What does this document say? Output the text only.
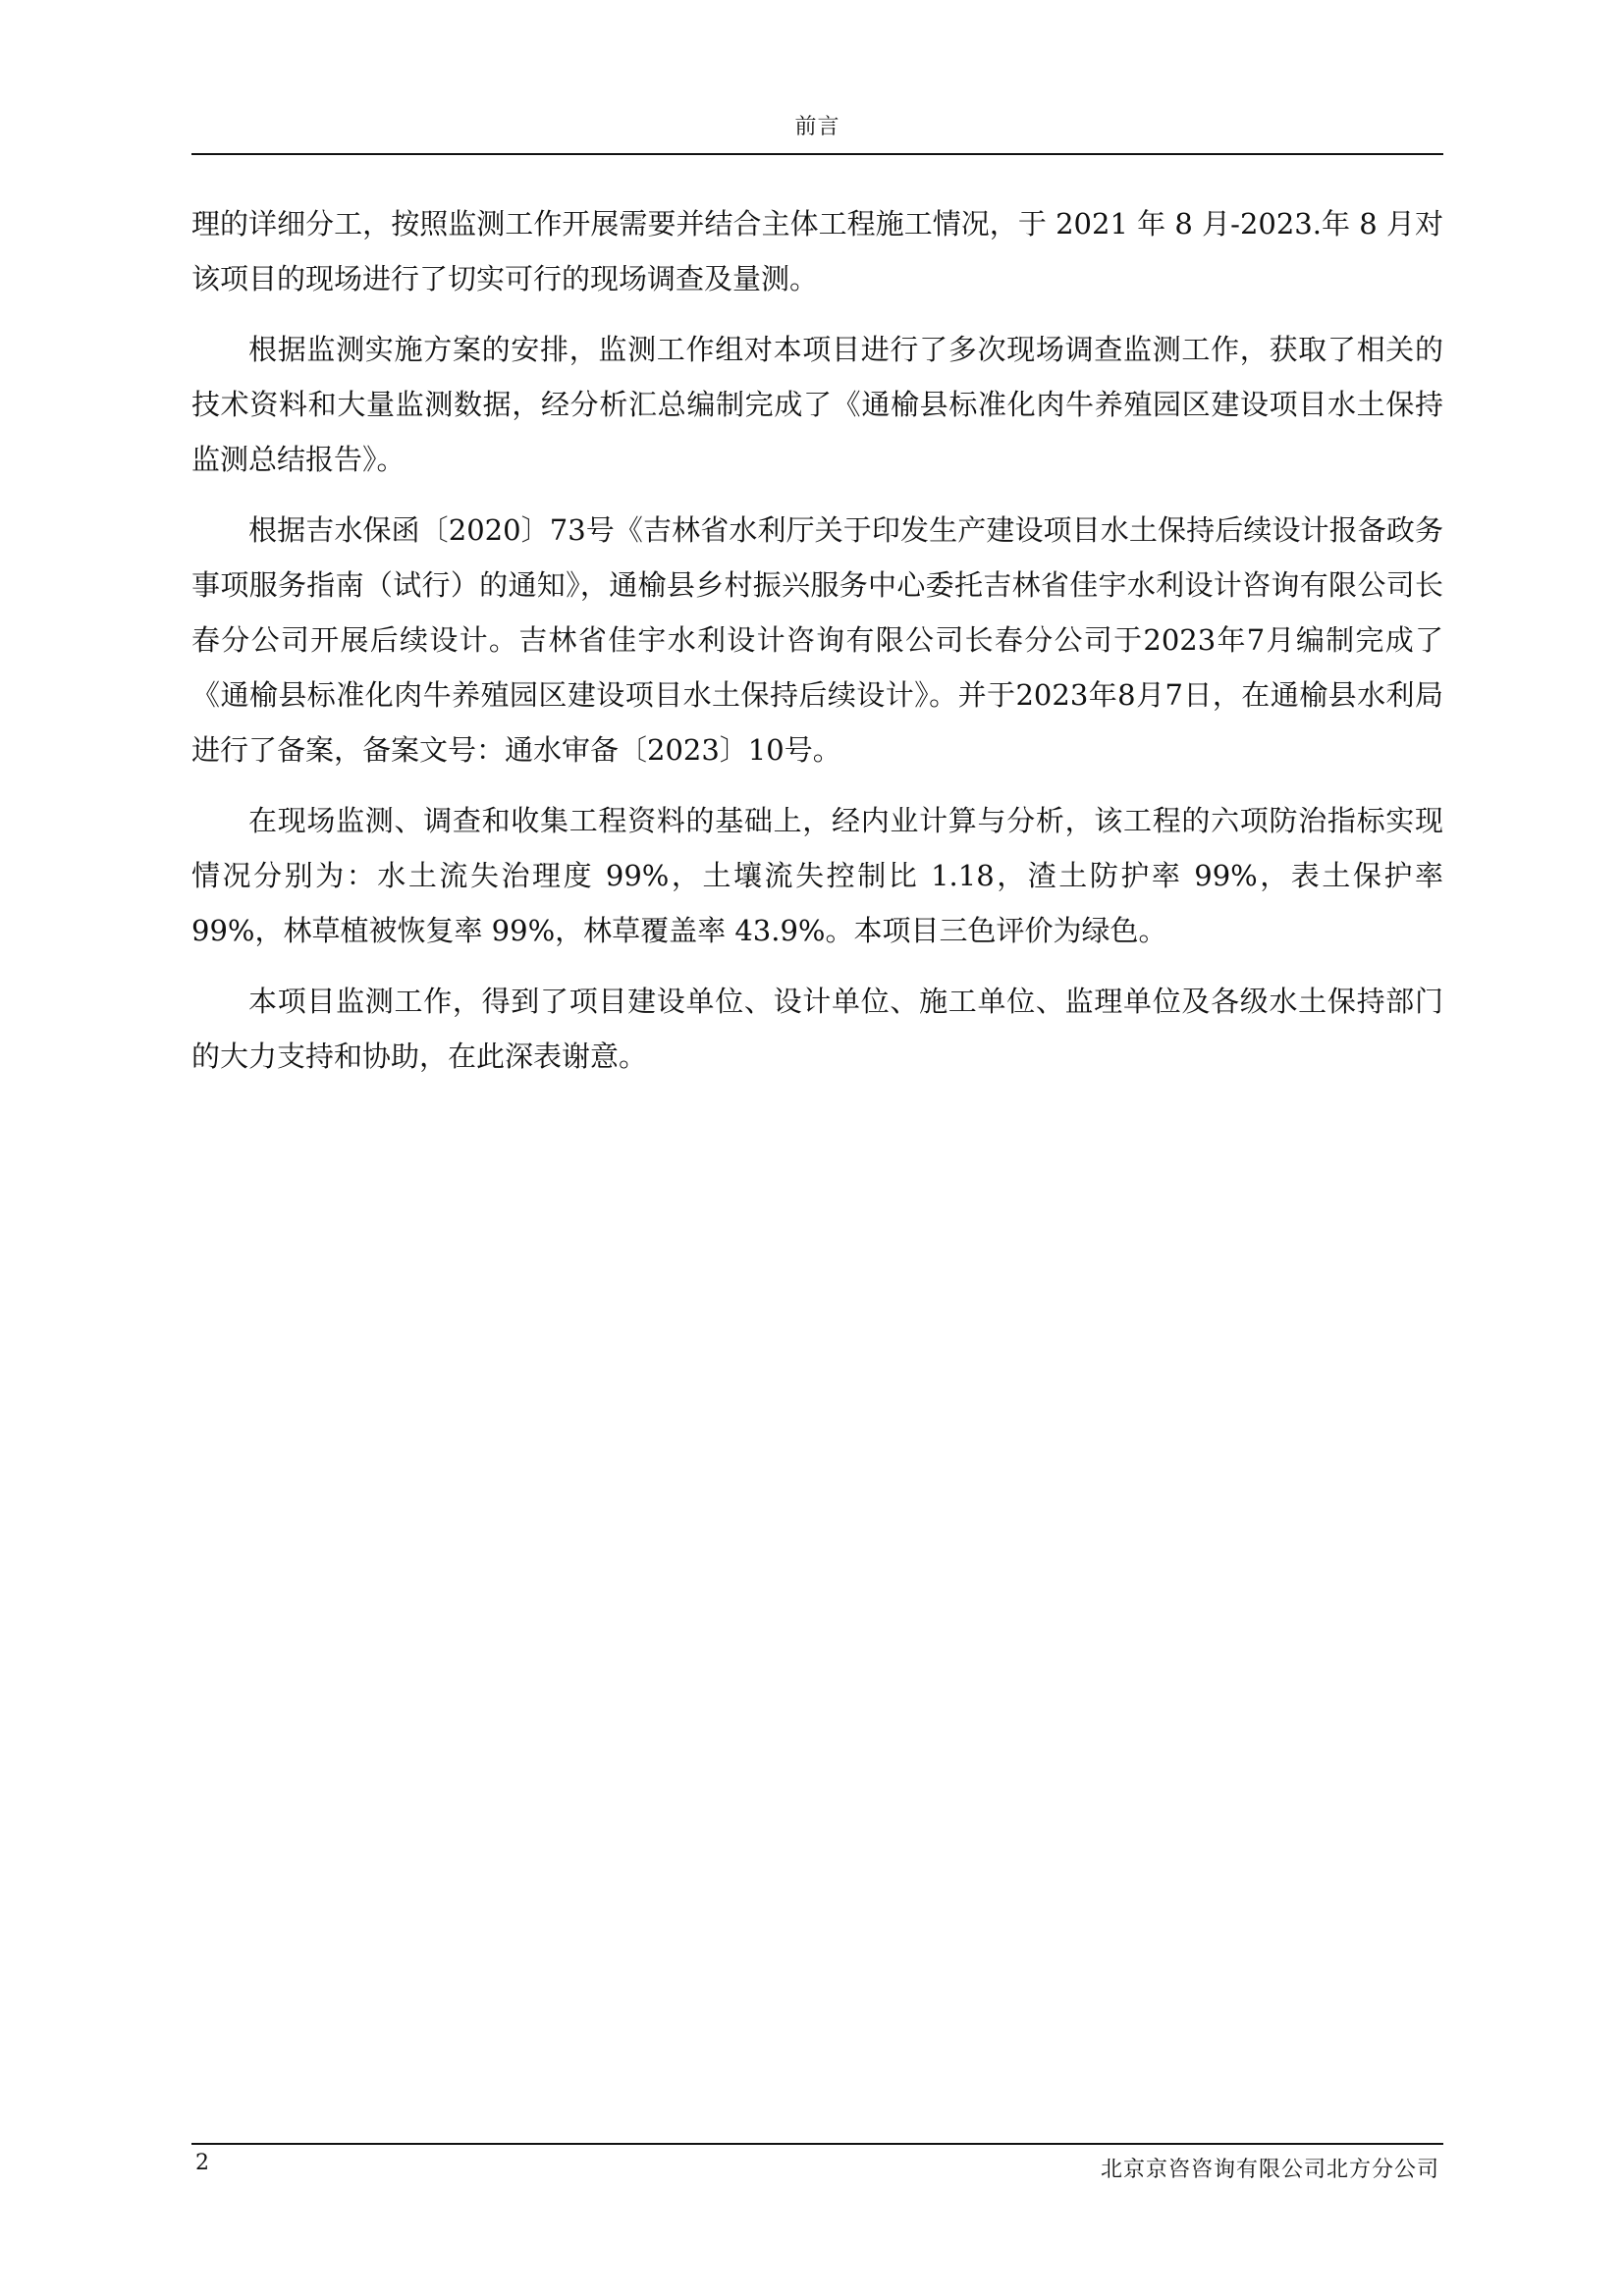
前言

理的详细分工，按照监测工作开展需要并结合主体工程施工情况，于 2021 年 8 月-2023.年 8 月对该项目的现场进行了切实可行的现场调查及量测。

根据监测实施方案的安排，监测工作组对本项目进行了多次现场调查监测工作，获取了相关的技术资料和大量监测数据，经分析汇总编制完成了《通榆县标准化肉牛养殖园区建设项目水土保持监测总结报告》。

根据吉水保函〔2020〕73号《吉林省水利厅关于印发生产建设项目水土保持后续设计报备政务事项服务指南（试行）的通知》，通榆县乡村振兴服务中心委托吉林省佳宇水利设计咨询有限公司长春分公司开展后续设计。吉林省佳宇水利设计咨询有限公司长春分公司于2023年7月编制完成了《通榆县标准化肉牛养殖园区建设项目水土保持后续设计》。并于2023年8月7日，在通榆县水利局进行了备案，备案文号：通水审备〔2023〕10号。

在现场监测、调查和收集工程资料的基础上，经内业计算与分析，该工程的六项防治指标实现情况分别为：水土流失治理度 99%，土壤流失控制比 1.18，渣土防护率 99%，表土保护率 99%，林草植被恢复率 99%，林草覆盖率 43.9%。本项目三色评价为绿色。

本项目监测工作，得到了项目建设单位、设计单位、施工单位、监理单位及各级水土保持部门的大力支持和协助，在此深表谢意。

2	北京京咨咨询有限公司北方分公司
